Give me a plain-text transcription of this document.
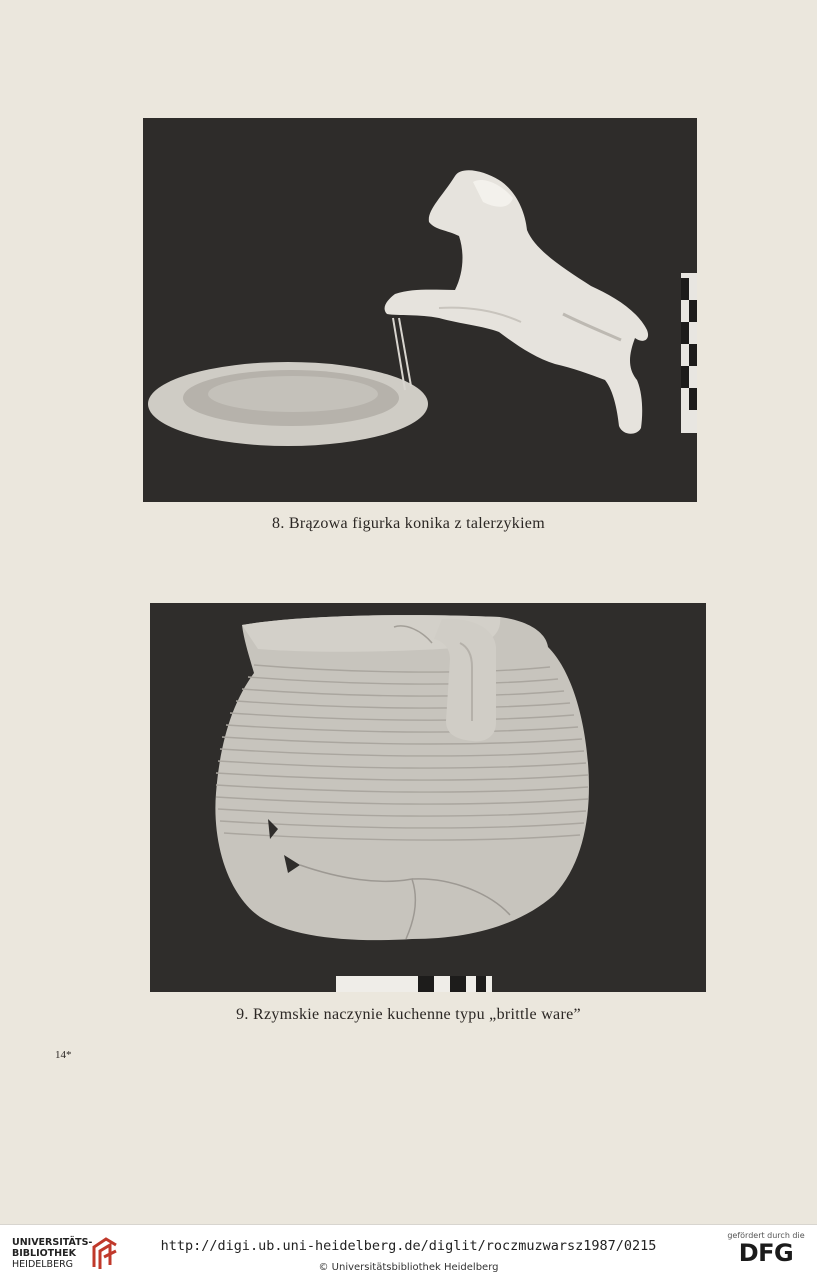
8. Brązowa figurka konika z talerzykiem
9. Rzymskie naczynie kuchenne typu „brittle ware”
14*
UNIVERSITÄTS-
BIBLIOTHEK
HEIDELBERG
http://digi.ub.uni-heidelberg.de/diglit/roczmuzwarsz1987/0215
© Universitätsbibliothek Heidelberg
gefördert durch die
DFG
